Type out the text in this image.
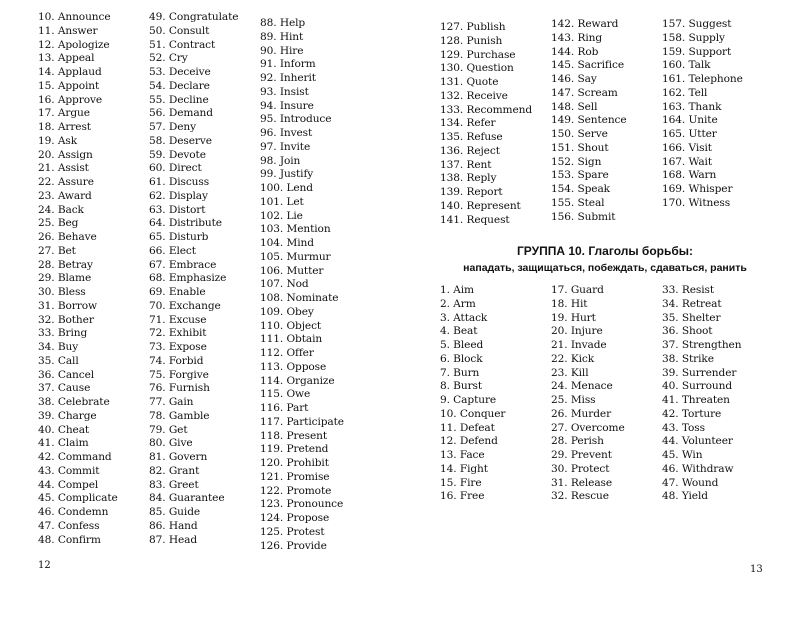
10. Announce
11. Answer
12. Apologize
13. Appeal
14. Applaud
15. Appoint
16. Approve
17. Argue
18. Arrest
19. Ask
20. Assign
21. Assist
22. Assure
23. Award
24. Back
25. Beg
26. Behave
27. Bet
28. Betray
29. Blame
30. Bless
31. Borrow
32. Bother
33. Bring
34. Buy
35. Call
36. Cancel
37. Cause
38. Celebrate
39. Charge
40. Cheat
41. Claim
42. Command
43. Commit
44. Compel
45. Complicate
46. Condemn
47. Confess
48. Confirm
49. Congratulate
50. Consult
51. Contract
52. Cry
53. Deceive
54. Declare
55. Decline
56. Demand
57. Deny
58. Deserve
59. Devote
60. Direct
61. Discuss
62. Display
63. Distort
64. Distribute
65. Disturb
66. Elect
67. Embrace
68. Emphasize
69. Enable
70. Exchange
71. Excuse
72. Exhibit
73. Expose
74. Forbid
75. Forgive
76. Furnish
77. Gain
78. Gamble
79. Get
80. Give
81. Govern
82. Grant
83. Greet
84. Guarantee
85. Guide
86. Hand
87. Head
88. Help
89. Hint
90. Hire
91. Inform
92. Inherit
93. Insist
94. Insure
95. Introduce
96. Invest
97. Invite
98. Join
99. Justify
100. Lend
101. Let
102. Lie
103. Mention
104. Mind
105. Murmur
106. Mutter
107. Nod
108. Nominate
109. Obey
110. Object
111. Obtain
112. Offer
113. Oppose
114. Organize
115. Owe
116. Part
117. Participate
118. Present
119. Pretend
120. Prohibit
121. Promise
122. Promote
123. Pronounce
124. Propose
125. Protest
126. Provide
12
127. Publish
128. Punish
129. Purchase
130. Question
131. Quote
132. Receive
133. Recommend
134. Refer
135. Refuse
136. Reject
137. Rent
138. Reply
139. Report
140. Represent
141. Request
142. Reward
143. Ring
144. Rob
145. Sacrifice
146. Say
147. Scream
148. Sell
149. Sentence
150. Serve
151. Shout
152. Sign
153. Spare
154. Speak
155. Steal
156. Submit
157. Suggest
158. Supply
159. Support
160. Talk
161. Telephone
162. Tell
163. Thank
164. Unite
165. Utter
166. Visit
167. Wait
168. Warn
169. Whisper
170. Witness
ГРУППА 10. Глаголы борьбы:
нападать, защищаться, побеждать, сдаваться, ранить
1. Aim
2. Arm
3. Attack
4. Beat
5. Bleed
6. Block
7. Burn
8. Burst
9. Capture
10. Conquer
11. Defeat
12. Defend
13. Face
14. Fight
15. Fire
16. Free
17. Guard
18. Hit
19. Hurt
20. Injure
21. Invade
22. Kick
23. Kill
24. Menace
25. Miss
26. Murder
27. Overcome
28. Perish
29. Prevent
30. Protect
31. Release
32. Rescue
33. Resist
34. Retreat
35. Shelter
36. Shoot
37. Strengthen
38. Strike
39. Surrender
40. Surround
41. Threaten
42. Torture
43. Toss
44. Volunteer
45. Win
46. Withdraw
47. Wound
48. Yield
13
